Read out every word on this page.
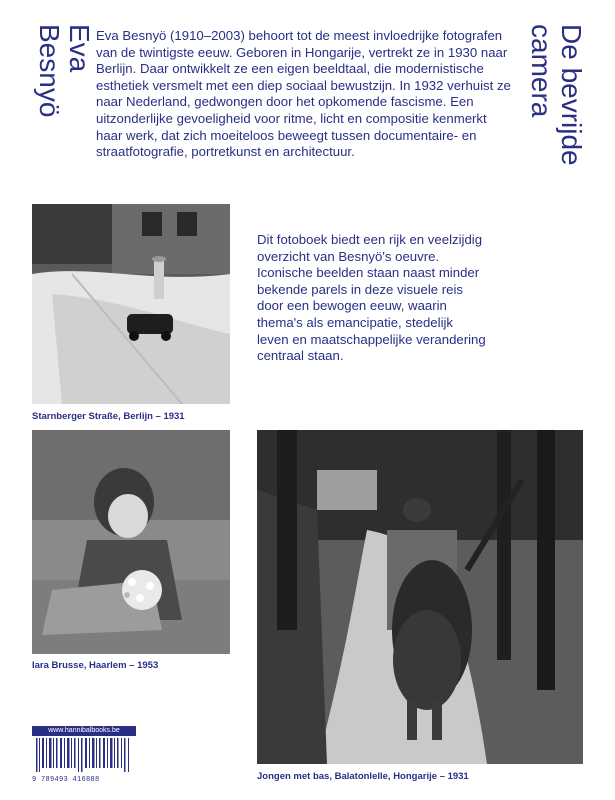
Eva
Besnyö	De bevrijde
camera
Eva Besnyö (1910–2003) behoort tot de meest invloedrijke fotografen van de twintigste eeuw. Geboren in Hongarije, vertrekt ze in 1930 naar Berlijn. Daar ontwikkelt ze een eigen beeldtaal, die modernistische esthetiek versmelt met een diep sociaal bewustzijn. In 1932 verhuist ze naar Nederland, gedwongen door het opkomende fascisme. Een uitzonderlijke gevoeligheid voor ritme, licht en compositie kenmerkt haar werk, dat zich moeiteloos beweegt tussen documentaire- en straatfotografie, portretkunst en architectuur.
Starnberger Straße, Berlijn – 1931
Dit fotoboek biedt een rijk en veelzijdig overzicht van Besnyö's oeuvre. Iconische beelden staan naast minder bekende parels in deze visuele reis door een bewogen eeuw, waarin thema's als emancipatie, stedelijk leven en maatschappelijke verandering centraal staan.
Iara Brusse, Haarlem – 1953
Jongen met bas, Balatonlelle, Hongarije – 1931
www.hannibalbooks.be
9 789493 416888
